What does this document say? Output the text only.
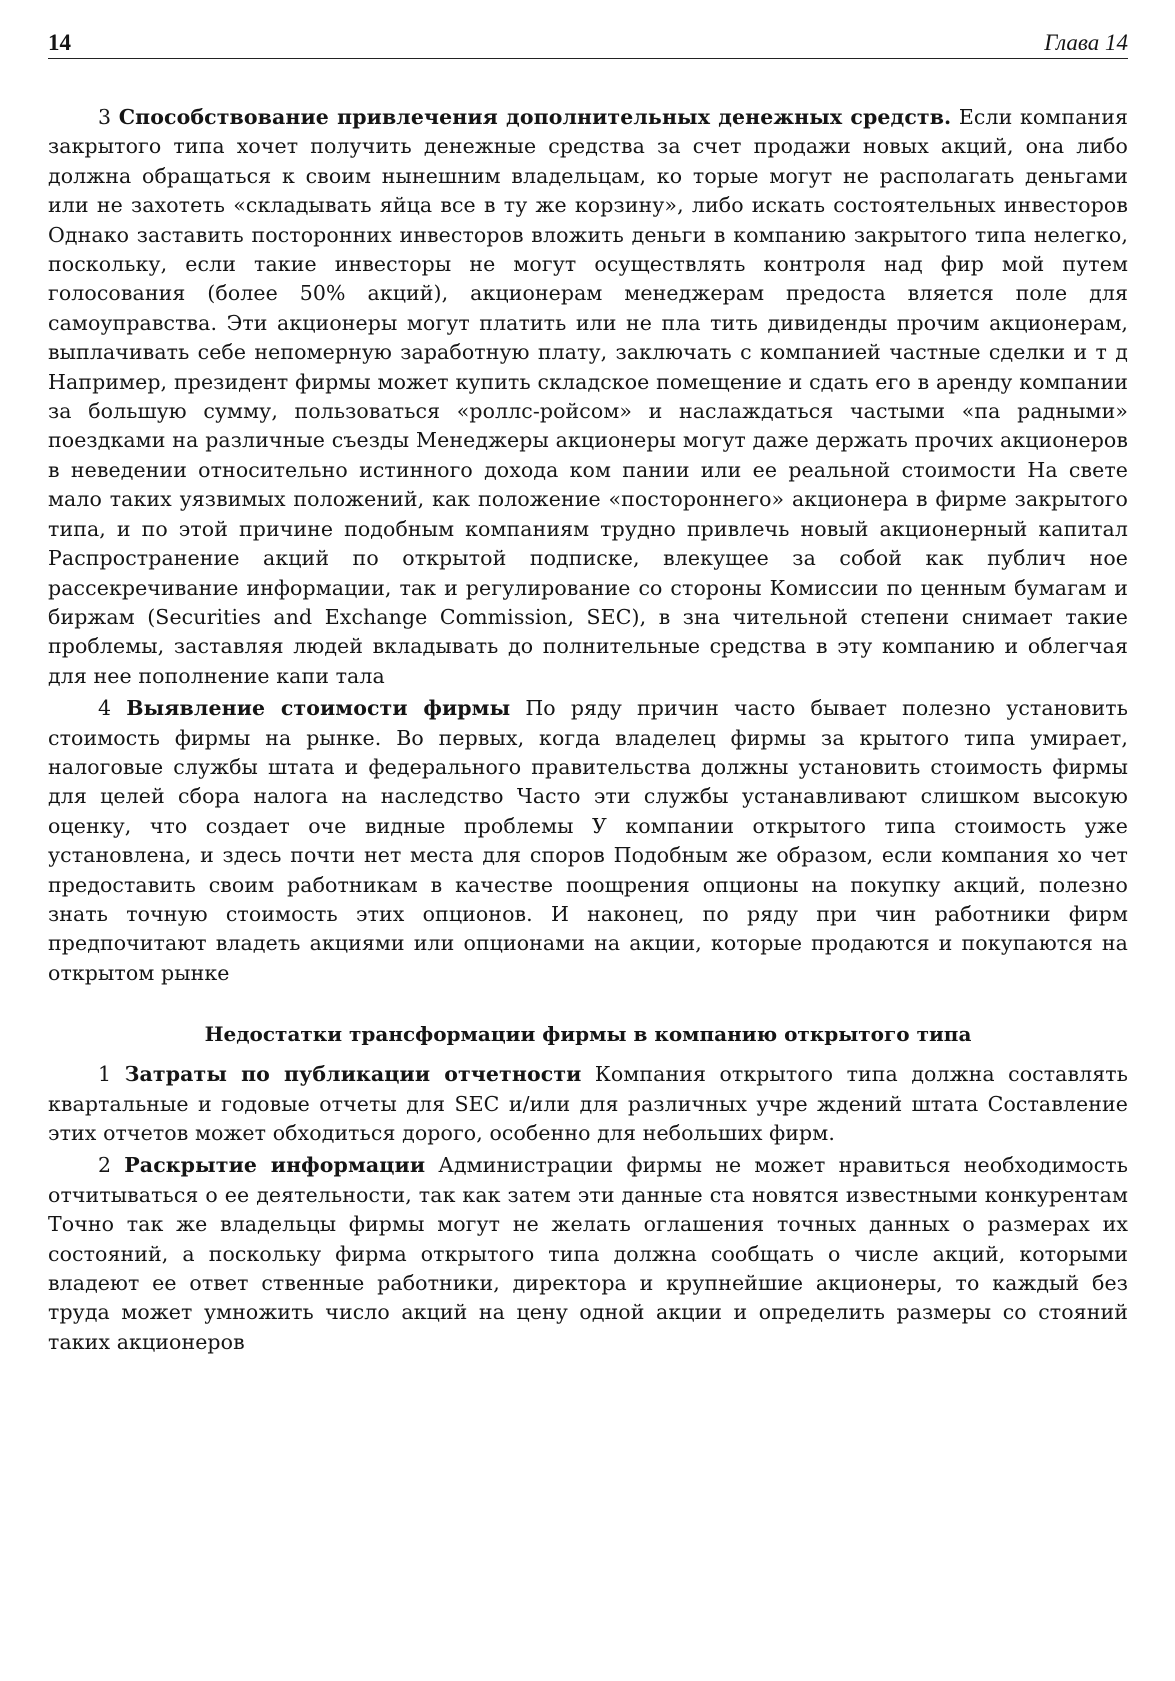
14	Глава 14

3 Способствование привлечения дополнительных денежных средств. Если компания закрытого типа хочет получить денежные средства за счет продажи новых акций, она либо должна обращаться к своим нынешним владельцам, ко торые могут не располагать деньгами или не захотеть «складывать яйца все в ту же корзину», либо искать состоятельных инвесторов Однако заставить посторонних инвесторов вложить деньги в компанию закрытого типа нелегко, поскольку, если такие инвесторы не могут осуществлять контроля над фир мой путем голосования (более 50% акций), акционерам менеджерам предоста вляется поле для самоуправства. Эти акционеры могут платить или не пла тить дивиденды прочим акционерам, выплачивать себе непомерную заработную плату, заключать с компанией частные сделки и т д Например, президент фирмы может купить складское помещение и сдать его в аренду компании за большую сумму, пользоваться «роллс-ройсом» и наслаждаться частыми «па радными» поездками на различные съезды Менеджеры акционеры могут даже держать прочих акционеров в неведении относительно истинного дохода ком пании или ее реальной стоимости На свете мало таких уязвимых положений, как положение «постороннего» акционера в фирме закрытого типа, и по этой причине подобным компаниям трудно привлечь новый акционерный капитал Распространение акций по открытой подписке, влекущее за собой как публич ное рассекречивание информации, так и регулирование со стороны Комиссии по ценным бумагам и биржам (Securities and Exchange Commission, SEC), в зна чительной степени снимает такие проблемы, заставляя людей вкладывать до полнительные средства в эту компанию и облегчая для нее пополнение капи тала

4 Выявление стоимости фирмы По ряду причин часто бывает полезно установить стоимость фирмы на рынке. Во первых, когда владелец фирмы за крытого типа умирает, налоговые службы штата и федерального правительства должны установить стоимость фирмы для целей сбора налога на наследство Часто эти службы устанавливают слишком высокую оценку, что создает оче видные проблемы У компании открытого типа стоимость уже установлена, и здесь почти нет места для споров Подобным же образом, если компания хо чет предоставить своим работникам в качестве поощрения опционы на покупку акций, полезно знать точную стоимость этих опционов. И наконец, по ряду при чин работники фирм предпочитают владеть акциями или опционами на акции, которые продаются и покупаются на открытом рынке

Недостатки трансформации фирмы в компанию открытого типа

1 Затраты по публикации отчетности Компания открытого типа должна составлять квартальные и годовые отчеты для SEC и/или для различных учре ждений штата Составление этих отчетов может обходиться дорого, особенно для небольших фирм.

2 Раскрытие информации Администрации фирмы не может нравиться необходимость отчитываться о ее деятельности, так как затем эти данные ста новятся известными конкурентам Точно так же владельцы фирмы могут не желать оглашения точных данных о размерах их состояний, а поскольку фирма открытого типа должна сообщать о числе акций, которыми владеют ее ответ ственные работники, директора и крупнейшие акционеры, то каждый без труда может умножить число акций на цену одной акции и определить размеры со стояний таких акционеров
